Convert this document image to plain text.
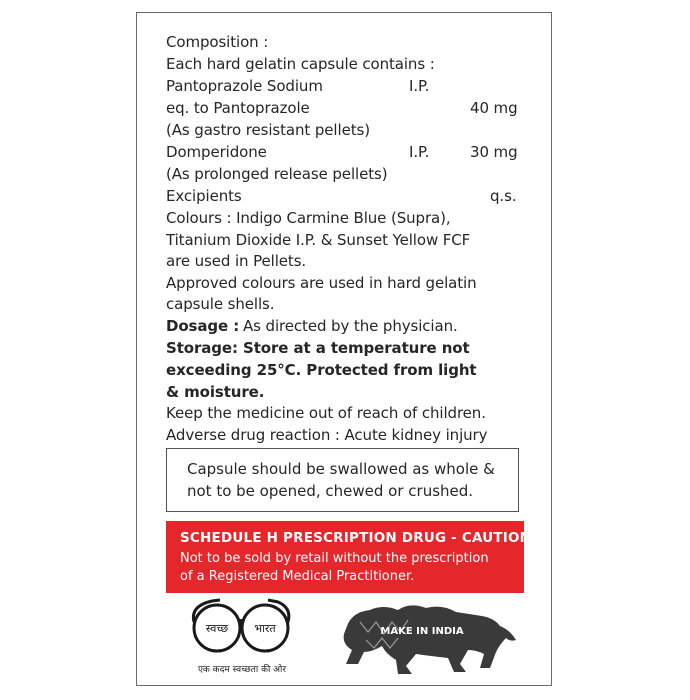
Composition :
Each hard gelatin capsule contains :
Pantoprazole Sodium	I.P.
eq. to Pantoprazole	40 mg
(As gastro resistant pellets)
Domperidone	I.P.	30 mg
(As prolonged release pellets)
Excipients	q.s.
Colours : Indigo Carmine Blue (Supra),
Titanium Dioxide I.P. & Sunset Yellow FCF
are used in Pellets.
Approved colours are used in hard gelatin
capsule shells.
Dosage : As directed by the physician.
Storage: Store at a temperature not
exceeding 25°C. Protected from light
& moisture.
Keep the medicine out of reach of children.
Adverse drug reaction : Acute kidney injury
Capsule should be swallowed as whole &
not to be opened, chewed or crushed.
SCHEDULE H PRESCRIPTION DRUG - CAUTION
Not to be sold by retail without the prescription
of a Registered Medical Practitioner.
स्वच्छ भारत
एक कदम स्वच्छता की ओर
MAKE IN INDIA
